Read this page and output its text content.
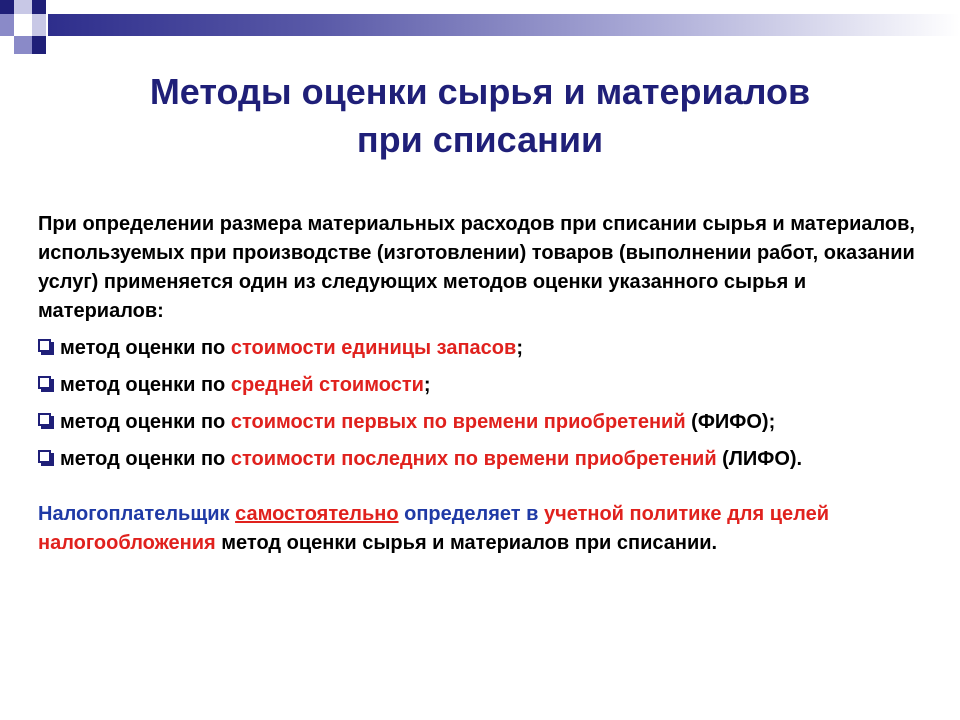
Методы оценки сырья и материалов
при списании

При определении размера материальных расходов при списании сырья и материалов, используемых при производстве (изготовлении) товаров (выполнении работ, оказании услуг) применяется один из следующих методов оценки указанного сырья и материалов:

метод оценки по стоимости единицы запасов;
метод оценки по средней стоимости;
метод оценки по стоимости первых по времени приобретений (ФИФО);
метод оценки по стоимости последних по времени приобретений (ЛИФО).

Налогоплательщик самостоятельно определяет в учетной политике для целей налогообложения метод оценки сырья и материалов при списании.
